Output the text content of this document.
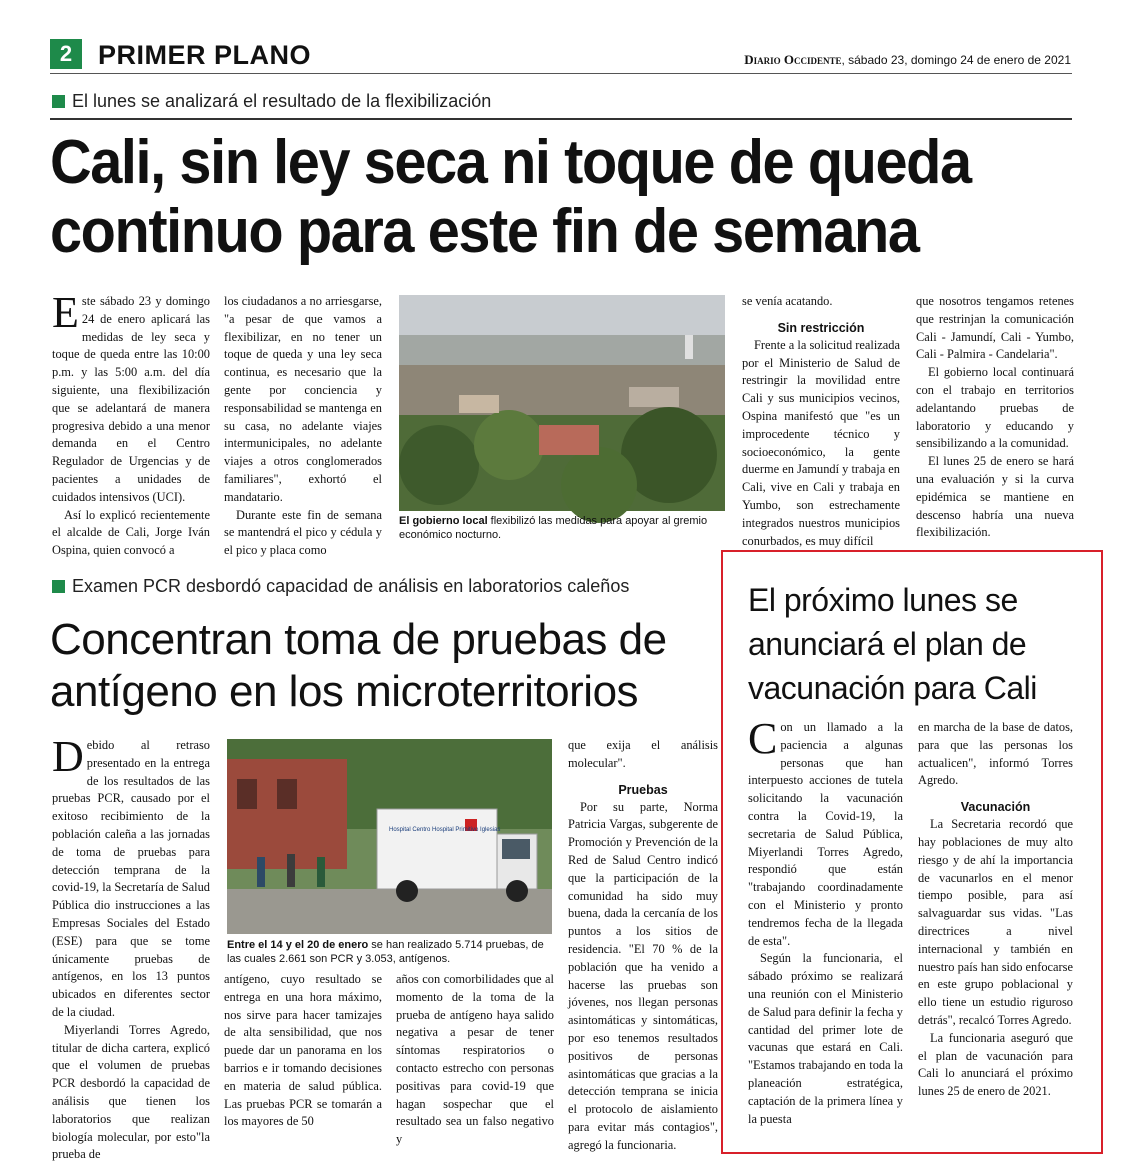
2 PRIMER PLANO	Diario Occidente, sábado 23, domingo 24 de enero de 2021
El lunes se analizará el resultado de la flexibilización
Cali, sin ley seca ni toque de queda
continuo para este fin de semana

Este sábado 23 y domingo 24 de enero aplicará las medidas de ley seca y toque de queda entre las 10:00 p.m. y las 5:00 a.m. del día siguiente, una flexibilización que se adelantará de manera progresiva debido a una menor demanda en el Centro Regulador de Urgencias y de pacientes a unidades de cuidados intensivos (UCI).

Así lo explicó recientemente el alcalde de Cali, Jorge Iván Ospina, quien convocó a

los ciudadanos a no arriesgarse, "a pesar de que vamos a flexibilizar, en no tener un toque de queda y una ley seca continua, es necesario que la gente por conciencia y responsabilidad se mantenga en su casa, no adelante viajes intermunicipales, no adelante viajes a otros conglomerados familiares", exhortó el mandatario.

Durante este fin de semana se mantendrá el pico y cédula y el pico y placa como

El gobierno local flexibilizó las medidas para apoyar al gremio económico nocturno.

se venía acatando.

Sin restricción

Frente a la solicitud realizada por el Ministerio de Salud de restringir la movilidad entre Cali y sus municipios vecinos, Ospina manifestó que "es un improcedente técnico y socioeconómico, la gente duerme en Jamundí y trabaja en Cali, vive en Cali y trabaja en Yumbo, son estrechamente integrados nuestros municipios conurbados, es muy difícil

que nosotros tengamos retenes que restrinjan la comunicación Cali - Jamundí, Cali - Yumbo, Cali - Palmira - Candelaria".

El gobierno local continuará con el trabajo en territorios adelantando pruebas de laboratorio y educando y sensibilizando a la comunidad.

El lunes 25 de enero se hará una evaluación y si la curva epidémica se mantiene en descenso habría una nueva flexibilización.

Examen PCR desbordó capacidad de análisis en laboratorios caleños
Concentran toma de pruebas de
antígeno en los microterritorios

Debido al retraso presentado en la entrega de los resultados de las pruebas PCR, causado por el exitoso recibimiento de la población caleña a las jornadas de toma de pruebas para detección temprana de la covid-19, la Secretaría de Salud Pública dio instrucciones a las Empresas Sociales del Estado (ESE) para que se tome únicamente pruebas de antígenos, en los 13 puntos ubicados en diferentes sector de la ciudad.

Miyerlandi Torres Agredo, titular de dicha cartera, explicó que el volumen de pruebas PCR desbordó la capacidad de análisis que tienen los laboratorios que realizan biología molecular, por esto"la prueba de

Hospital Centro Hospital Primitivo Iglesias
Entre el 14 y el 20 de enero se han realizado 5.714 pruebas, de las cuales 2.661 son PCR y 3.053, antígenos.

antígeno, cuyo resultado se entrega en una hora máximo, nos sirve para hacer tamizajes de alta sensibilidad, que nos puede dar un panorama en los barrios e ir tomando decisiones en materia de salud pública. Las pruebas PCR se tomarán a los mayores de 50

años con comorbilidades que al momento de la toma de la prueba de antígeno haya salido negativa a pesar de tener síntomas respiratorios o contacto estrecho con personas positivas para covid-19 que hagan sospechar que el resultado sea un falso negativo y

que exija el análisis molecular".

Pruebas

Por su parte, Norma Patricia Vargas, subgerente de Promoción y Prevención de la Red de Salud Centro indicó que la participación de la comunidad ha sido muy buena, dada la cercanía de los puntos a los sitios de residencia. "El 70 % de la población que ha venido a hacerse las pruebas son jóvenes, nos llegan personas asintomáticas y sintomáticas, por eso tenemos resultados positivos de personas asintomáticas que gracias a la detección temprana se inicia el protocolo de aislamiento para evitar más contagios", agregó la funcionaria.

El próximo lunes se anunciará el plan de vacunación para Cali

Con un llamado a la paciencia a algunas personas que han interpuesto acciones de tutela solicitando la vacunación contra la Covid-19, la secretaria de Salud Pública, Miyerlandi Torres Agredo, respondió que están "trabajando coordinadamente con el Ministerio y pronto tendremos fecha de la llegada de esta".

Según la funcionaria, el sábado próximo se realizará una reunión con el Ministerio de Salud para definir la fecha y cantidad del primer lote de vacunas que estará en Cali. "Estamos trabajando en toda la planeación estratégica, captación de la primera línea y la puesta

en marcha de la base de datos, para que las personas los actualicen", informó Torres Agredo.

Vacunación

La Secretaria recordó que hay poblaciones de muy alto riesgo y de ahí la importancia de vacunarlos en el menor tiempo posible, para así salvaguardar sus vidas. "Las directrices a nivel internacional y también en nuestro país han sido enfocarse en este grupo poblacional y ello tiene un estudio riguroso detrás", recalcó Torres Agredo.

La funcionaria aseguró que el plan de vacunación para Cali lo anunciará el próximo lunes 25 de enero de 2021.
